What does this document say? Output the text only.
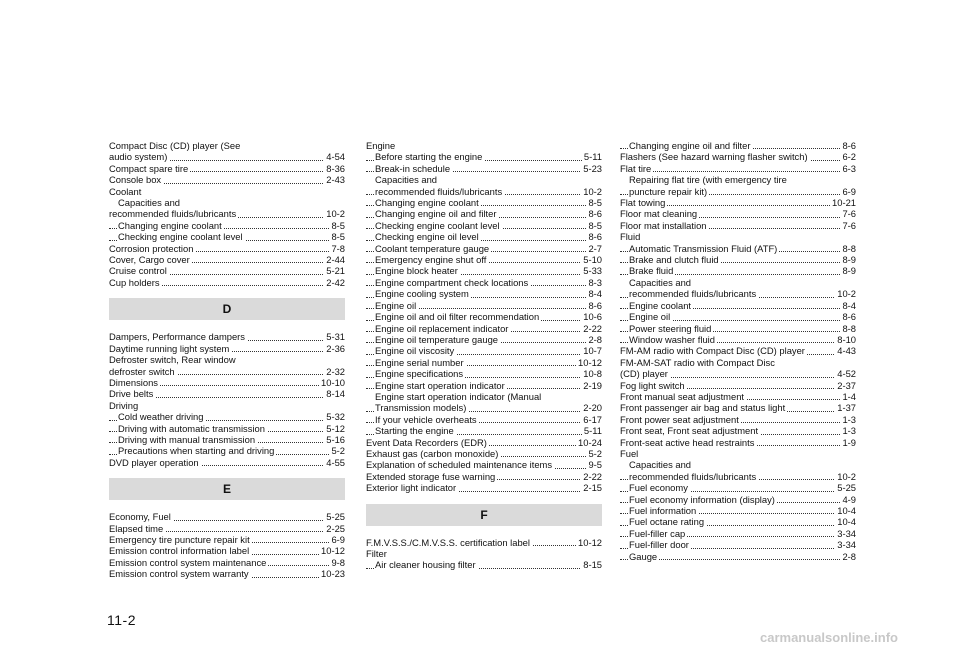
Compact Disc (CD) player (See
audio system)	4-54
Compact spare tire	8-36
Console box	2-43
Coolant
Capacities and
recommended fluids/lubricants	10-2
Changing engine coolant	8-5
Checking engine coolant level	8-5
Corrosion protection	7-8
Cover, Cargo cover	2-44
Cruise control	5-21
Cup holders	2-42
D
Dampers, Performance dampers	5-31
Daytime running light system	2-36
Defroster switch, Rear window
defroster switch	2-32
Dimensions	10-10
Drive belts	8-14
Driving
Cold weather driving	5-32
Driving with automatic transmission	5-12
Driving with manual transmission	5-16
Precautions when starting and driving	5-2
DVD player operation	4-55
E
Economy, Fuel	5-25
Elapsed time	2-25
Emergency tire puncture repair kit	6-9
Emission control information label	10-12
Emission control system maintenance	9-8
Emission control system warranty	10-23
Engine
Before starting the engine	5-11
Break-in schedule	5-23
Capacities and
recommended fluids/lubricants	10-2
Changing engine coolant	8-5
Changing engine oil and filter	8-6
Checking engine coolant level	8-5
Checking engine oil level	8-6
Coolant temperature gauge	2-7
Emergency engine shut off	5-10
Engine block heater	5-33
Engine compartment check locations	8-3
Engine cooling system	8-4
Engine oil	8-6
Engine oil and oil filter recommendation	10-6
Engine oil replacement indicator	2-22
Engine oil temperature gauge	2-8
Engine oil viscosity	10-7
Engine serial number	10-12
Engine specifications	10-8
Engine start operation indicator	2-19
Engine start operation indicator (Manual
Transmission models)	2-20
If your vehicle overheats	6-17
Starting the engine	5-11
Event Data Recorders (EDR)	10-24
Exhaust gas (carbon monoxide)	5-2
Explanation of scheduled maintenance items	9-5
Extended storage fuse warning	2-22
Exterior light indicator	2-15
F
F.M.V.S.S./C.M.V.S.S. certification label	10-12
Filter
Air cleaner housing filter	8-15
Changing engine oil and filter	8-6
Flashers (See hazard warning flasher switch)	6-2
Flat tire	6-3
Repairing flat tire (with emergency tire
puncture repair kit)	6-9
Flat towing	10-21
Floor mat cleaning	7-6
Floor mat installation	7-6
Fluid
Automatic Transmission Fluid (ATF)	8-8
Brake and clutch fluid	8-9
Brake fluid	8-9
Capacities and
recommended fluids/lubricants	10-2
Engine coolant	8-4
Engine oil	8-6
Power steering fluid	8-8
Window washer fluid	8-10
FM-AM radio with Compact Disc (CD) player	4-43
FM-AM-SAT radio with Compact Disc
(CD) player	4-52
Fog light switch	2-37
Front manual seat adjustment	1-4
Front passenger air bag and status light	1-37
Front power seat adjustment	1-3
Front seat, Front seat adjustment	1-3
Front-seat active head restraints	1-9
Fuel
Capacities and
recommended fluids/lubricants	10-2
Fuel economy	5-25
Fuel economy information (display)	4-9
Fuel information	10-4
Fuel octane rating	10-4
Fuel-filler cap	3-34
Fuel-filler door	3-34
Gauge	2-8
11-2
carmanualsonline.info
